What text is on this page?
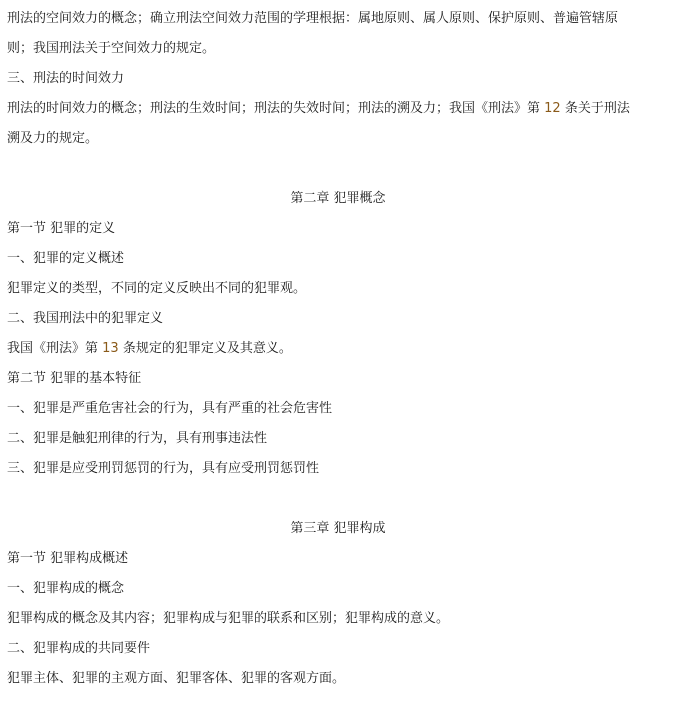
刑法的空间效力的概念；确立刑法空间效力范围的学理根据：属地原则、属人原则、保护原则、普遍管辖原
则；我国刑法关于空间效力的规定。
三、刑法的时间效力
刑法的时间效力的概念；刑法的生效时间；刑法的失效时间；刑法的溯及力；我国《刑法》第 12 条关于刑法
溯及力的规定。
第二章 犯罪概念
第一节 犯罪的定义
一、犯罪的定义概述
犯罪定义的类型，不同的定义反映出不同的犯罪观。
二、我国刑法中的犯罪定义
我国《刑法》第 13 条规定的犯罪定义及其意义。
第二节 犯罪的基本特征
一、犯罪是严重危害社会的行为，具有严重的社会危害性
二、犯罪是触犯刑律的行为，具有刑事违法性
三、犯罪是应受刑罚惩罚的行为，具有应受刑罚惩罚性
第三章 犯罪构成
第一节 犯罪构成概述
一、犯罪构成的概念
犯罪构成的概念及其内容；犯罪构成与犯罪的联系和区别；犯罪构成的意义。
二、犯罪构成的共同要件
犯罪主体、犯罪的主观方面、犯罪客体、犯罪的客观方面。
